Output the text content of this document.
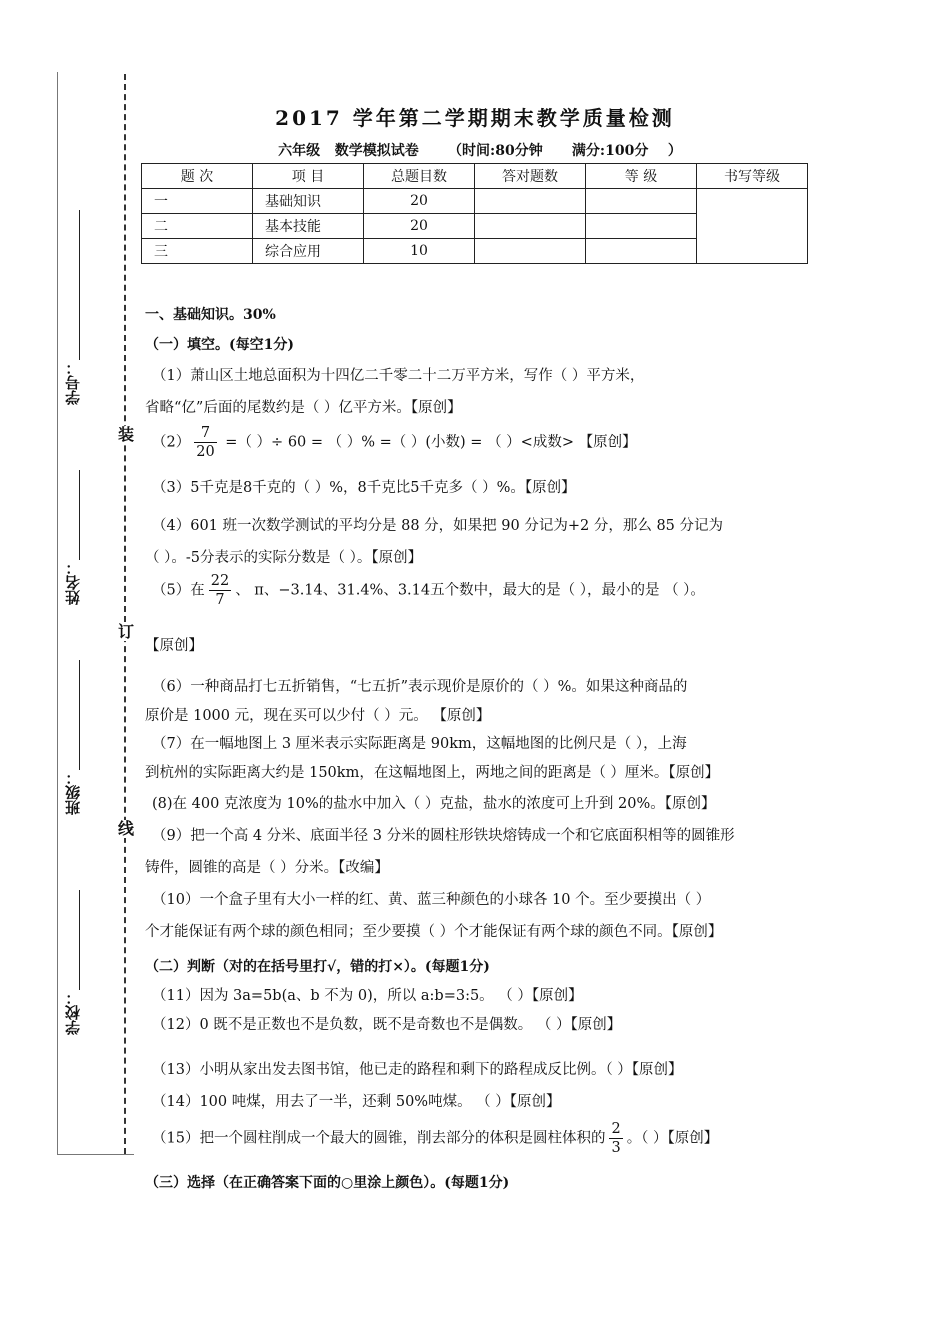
装
订
线
学号：
姓名：
班级：
学校：
2017 学年第二学期期末教学质量检测
六年级   数学模拟试卷      （时间:80分钟      满分:100分    ）
题 次	项 目	总题目数	答对题数	等 级	书写等级
一	基础知识	20			
二	基本技能	20			
三	综合应用	10			
一、基础知识。30%
（一）填空。(每空1分)
（1）萧山区土地总面积为十四亿二千零二十二万平方米，写作（ ）平方米，
省略“亿”后面的尾数约是（ ）亿平方米。【原创】
$(2) \frac{7}{20}$ =（ ）÷ 60 = （ ）% =（ ）(小数) = （ ）<成数> 【原创】
（3）5千克是8千克的（ ）%，8千克比5千克多（ ）%。【原创】
（4）601 班一次数学测试的平均分是 88 分，如果把 90 分记为+2 分，那么 85 分记为
（ ）。-5分表示的实际分数是（ ）。【原创】
（5）在 $\frac{22}{7}$ 、 π、−3.14、31.4%、3.14五个数中，最大的是（ ），最小的是 （ ）。
【原创】
（6）一种商品打七五折销售，“七五折”表示现价是原价的（ ）%。如果这种商品的
原价是 1000 元，现在买可以少付（ ）元。 【原创】
（7）在一幅地图上 3 厘米表示实际距离是 90km，这幅地图的比例尺是（ ），上海
到杭州的实际距离大约是 150km，在这幅地图上，两地之间的距离是（ ）厘米。【原创】
(8)在 400 克浓度为 10%的盐水中加入（ ）克盐，盐水的浓度可上升到 20%。【原创】
（9）把一个高 4 分米、底面半径 3 分米的圆柱形铁块熔铸成一个和它底面积相等的圆锥形
铸件，圆锥的高是（ ）分米。【改编】
（10）一个盒子里有大小一样的红、黄、蓝三种颜色的小球各 10 个。至少要摸出（ ）
个才能保证有两个球的颜色相同；至少要摸（ ）个才能保证有两个球的颜色不同。【原创】
（二）判断（对的在括号里打√，错的打×）。(每题1分)
（11）因为 3a=5b(a、b 不为 0)，所以 a:b=3:5。 （ ）【原创】
（12）0 既不是正数也不是负数，既不是奇数也不是偶数。 （ ）【原创】
（13）小明从家出发去图书馆，他已走的路程和剩下的路程成反比例。（ ）【原创】
（14）100 吨煤，用去了一半，还剩 50%吨煤。 （ ）【原创】
（15）把一个圆柱削成一个最大的圆锥，削去部分的体积是圆柱体积的 $\frac{2}{3}$ 。（ ）【原创】
（三）选择（在正确答案下面的○里涂上颜色）。(每题1分)
